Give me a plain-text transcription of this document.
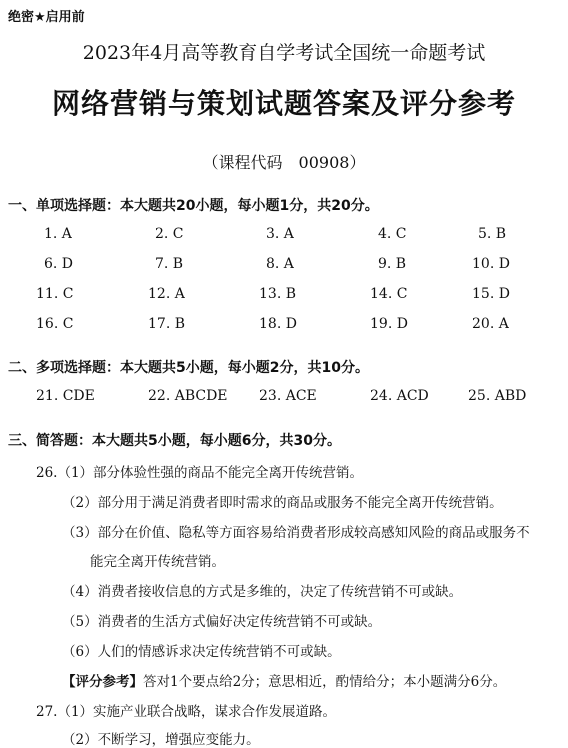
绝密★启用前
2023年4月高等教育自学考试全国统一命题考试
网络营销与策划试题答案及评分参考
（课程代码　00908）
一、单项选择题：本大题共20小题，每小题1分，共20分。
1. A	2. C	3. A	4. C	5. B
6. D	7. B	8. A	9. B	10. D
11. C	12. A	13. B	14. C	15. D
16. C	17. B	18. D	19. D	20. A
二、多项选择题：本大题共5小题，每小题2分，共10分。
21. CDE	22. ABCDE 23. ACE	24. ACD	25. ABD
三、简答题：本大题共5小题，每小题6分，共30分。
26.（1）部分体验性强的商品不能完全离开传统营销。
（2）部分用于满足消费者即时需求的商品或服务不能完全离开传统营销。
（3）部分在价值、隐私等方面容易给消费者形成较高感知风险的商品或服务不
能完全离开传统营销。
（4）消费者接收信息的方式是多维的，决定了传统营销不可或缺。
（5）消费者的生活方式偏好决定传统营销不可或缺。
（6）人们的情感诉求决定传统营销不可或缺。
【评分参考】答对1个要点给2分；意思相近，酌情给分；本小题满分6分。
27.（1）实施产业联合战略，谋求合作发展道路。
（2）不断学习，增强应变能力。
